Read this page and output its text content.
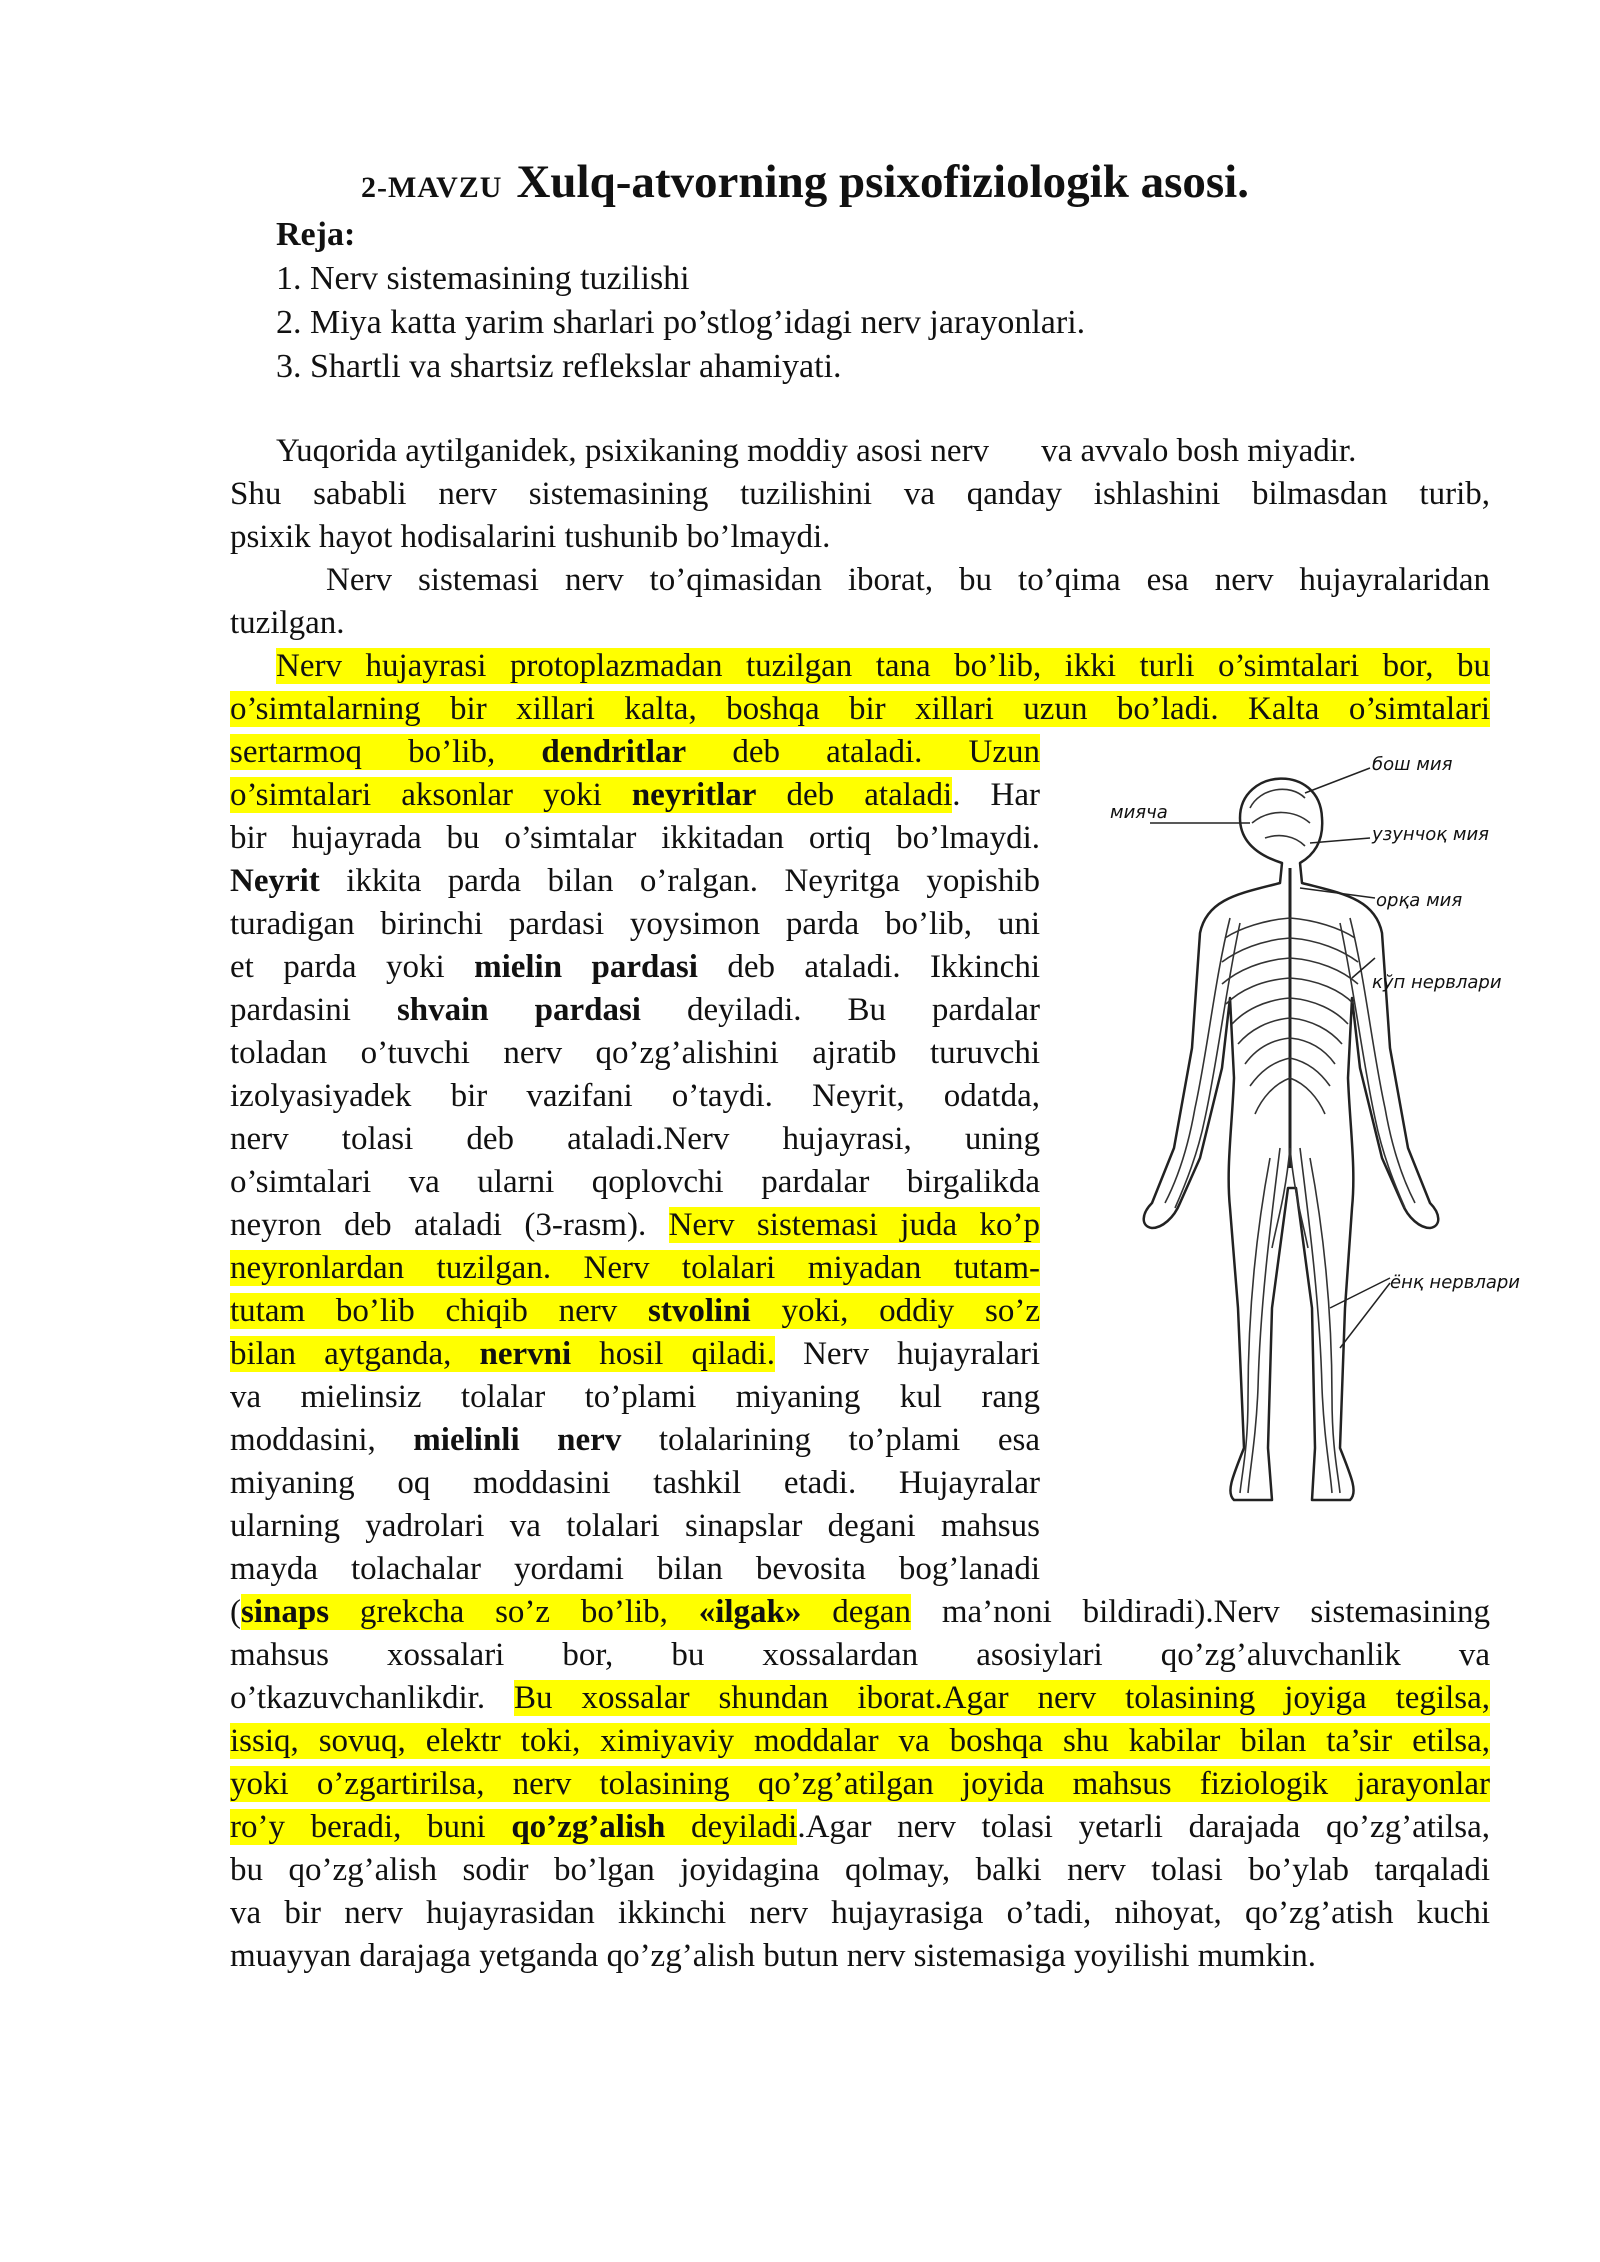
2-MAVZU Xulq-atvorning psixofiziologik asosi.
Reja:
1. Nerv sistemasining tuzilishi
2. Miya katta yarim sharlari po’stlog’idagi nerv jarayonlari.
3. Shartli va shartsiz reflekslar ahamiyati.
Yuqorida aytilganidek, psixikaning moddiy asosi nerv va avvalo bosh miyadir.
Shu sababli nerv sistemasining tuzilishini va qanday ishlashini bilmasdan turib,
psixik hayot hodisalarini tushunib bo’lmaydi.
Nerv sistemasi nerv to’qimasidan iborat, bu to’qima esa nerv hujayralaridan
tuzilgan.
Nerv hujayrasi protoplazmadan tuzilgan tana bo’lib, ikki turli o’simtalari bor, bu
o’simtalarning bir xillari kalta, boshqa bir xillari uzun bo’ladi. Kalta o’simtalari
sertarmoq bo’lib, dendritlar deb ataladi. Uzun
o’simtalari aksonlar yoki neyritlar deb ataladi. Har
bir hujayrada bu o’simtalar ikkitadan ortiq bo’lmaydi.
Neyrit ikkita parda bilan o’ralgan. Neyritga yopishib
turadigan birinchi pardasi yoysimon parda bo’lib, uni
et parda yoki mielin pardasi deb ataladi. Ikkinchi
pardasini shvain pardasi deyiladi. Bu pardalar
toladan o’tuvchi nerv qo’zg’alishini ajratib turuvchi
izolyasiyadek bir vazifani o’taydi. Neyrit, odatda,
nerv tolasi deb ataladi.Nerv hujayrasi, uning
o’simtalari va ularni qoplovchi pardalar birgalikda
neyron deb ataladi (3-rasm). Nerv sistemasi juda ko’p
neyronlardan tuzilgan. Nerv tolalari miyadan tutam-
tutam bo’lib chiqib nerv stvolini yoki, oddiy so’z
bilan aytganda, nervni hosil qiladi. Nerv hujayralari
va mielinsiz tolalar to’plami miyaning kul rang
moddasini, mielinli nerv tolalarining to’plami esa
miyaning oq moddasini tashkil etadi. Hujayralar
ularning yadrolari va tolalari sinapslar degani mahsus
mayda tolachalar yordami bilan bevosita bog’lanadi
(sinaps grekcha so’z bo’lib, «ilgak» degan ma’noni bildiradi).Nerv sistemasining
mahsus xossalari bor, bu xossalardan asosiylari qo’zg’aluvchanlik va
o’tkazuvchanlikdir. Bu xossalar shundan iborat.Agar nerv tolasining joyiga tegilsa,
issiq, sovuq, elektr toki, ximiyaviy moddalar va boshqa shu kabilar bilan ta’sir etilsa,
yoki o’zgartirilsa, nerv tolasining qo’zg’atilgan joyida mahsus fiziologik jarayonlar
ro’y beradi, buni qo’zg’alish deyiladi.Agar nerv tolasi yetarli darajada qo’zg’atilsa,
bu qo’zg’alish sodir bo’lgan joyidagina qolmay, balki nerv tolasi bo’ylab tarqaladi
va bir nerv hujayrasidan ikkinchi nerv hujayrasiga o’tadi, nihoyat, qo’zg’atish kuchi
muayyan darajaga yetganda qo’zg’alish butun nerv sistemasiga yoyilishi mumkin.
бош мия
мияча
узунчоқ мия
орқа мия
кўп нервлари
ёнқ нервлари
